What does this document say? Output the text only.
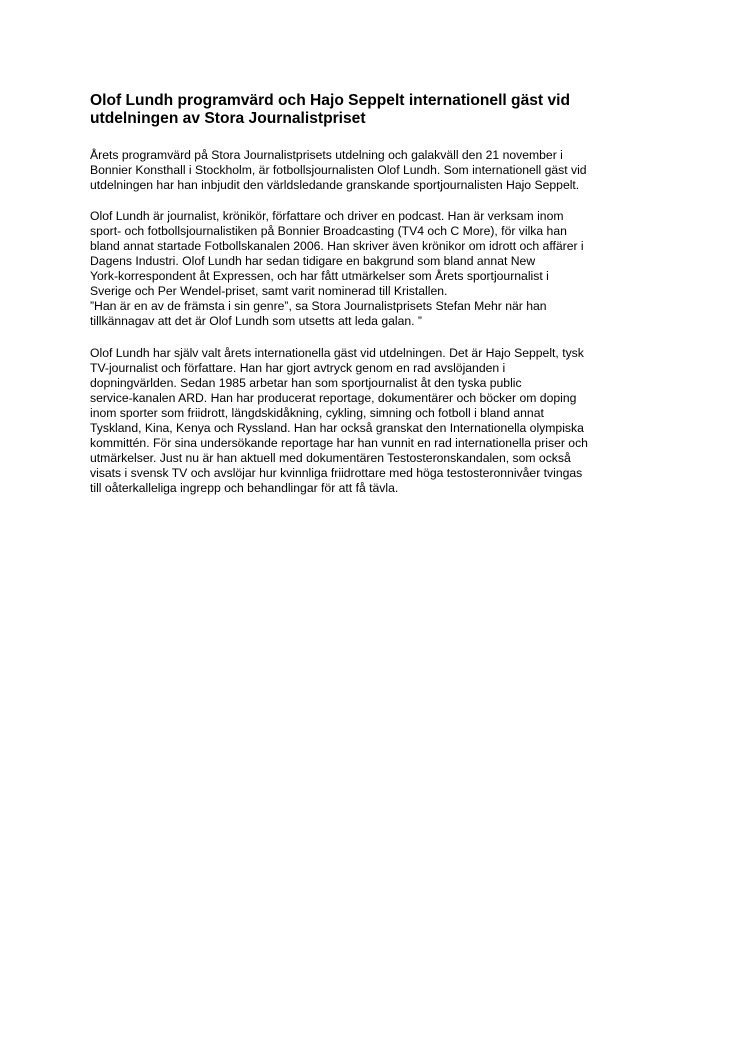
Olof Lundh programvärd och Hajo Seppelt internationell gäst vid
utdelningen av Stora Journalistpriset

Årets programvärd på Stora Journalistprisets utdelning och galakväll den 21 november i
Bonnier Konsthall i Stockholm, är fotbollsjournalisten Olof Lundh. Som internationell gäst vid
utdelningen har han inbjudit den världsledande granskande sportjournalisten Hajo Seppelt.

Olof Lundh är journalist, krönikör, författare och driver en podcast. Han är verksam inom
sport- och fotbollsjournalistiken på Bonnier Broadcasting (TV4 och C More), för vilka han
bland annat startade Fotbollskanalen 2006. Han skriver även krönikor om idrott och affärer i
Dagens Industri. Olof Lundh har sedan tidigare en bakgrund som bland annat New
York-korrespondent åt Expressen, och har fått utmärkelser som Årets sportjournalist i
Sverige och Per Wendel-priset, samt varit nominerad till Kristallen.
”Han är en av de främsta i sin genre”, sa Stora Journalistprisets Stefan Mehr när han
tillkännagav att det är Olof Lundh som utsetts att leda galan. ”

Olof Lundh har själv valt årets internationella gäst vid utdelningen. Det är Hajo Seppelt, tysk
TV-journalist och författare. Han har gjort avtryck genom en rad avslöjanden i
dopningvärlden. Sedan 1985 arbetar han som sportjournalist åt den tyska public
service-kanalen ARD. Han har producerat reportage, dokumentärer och böcker om doping
inom sporter som friidrott, längdskidåkning, cykling, simning och fotboll i bland annat
Tyskland, Kina, Kenya och Ryssland. Han har också granskat den Internationella olympiska
kommittén. För sina undersökande reportage har han vunnit en rad internationella priser och
utmärkelser. Just nu är han aktuell med dokumentären Testosteronskandalen, som också
visats i svensk TV och avslöjar hur kvinnliga friidrottare med höga testosteronnivåer tvingas
till oåterkalleliga ingrepp och behandlingar för att få tävla.
